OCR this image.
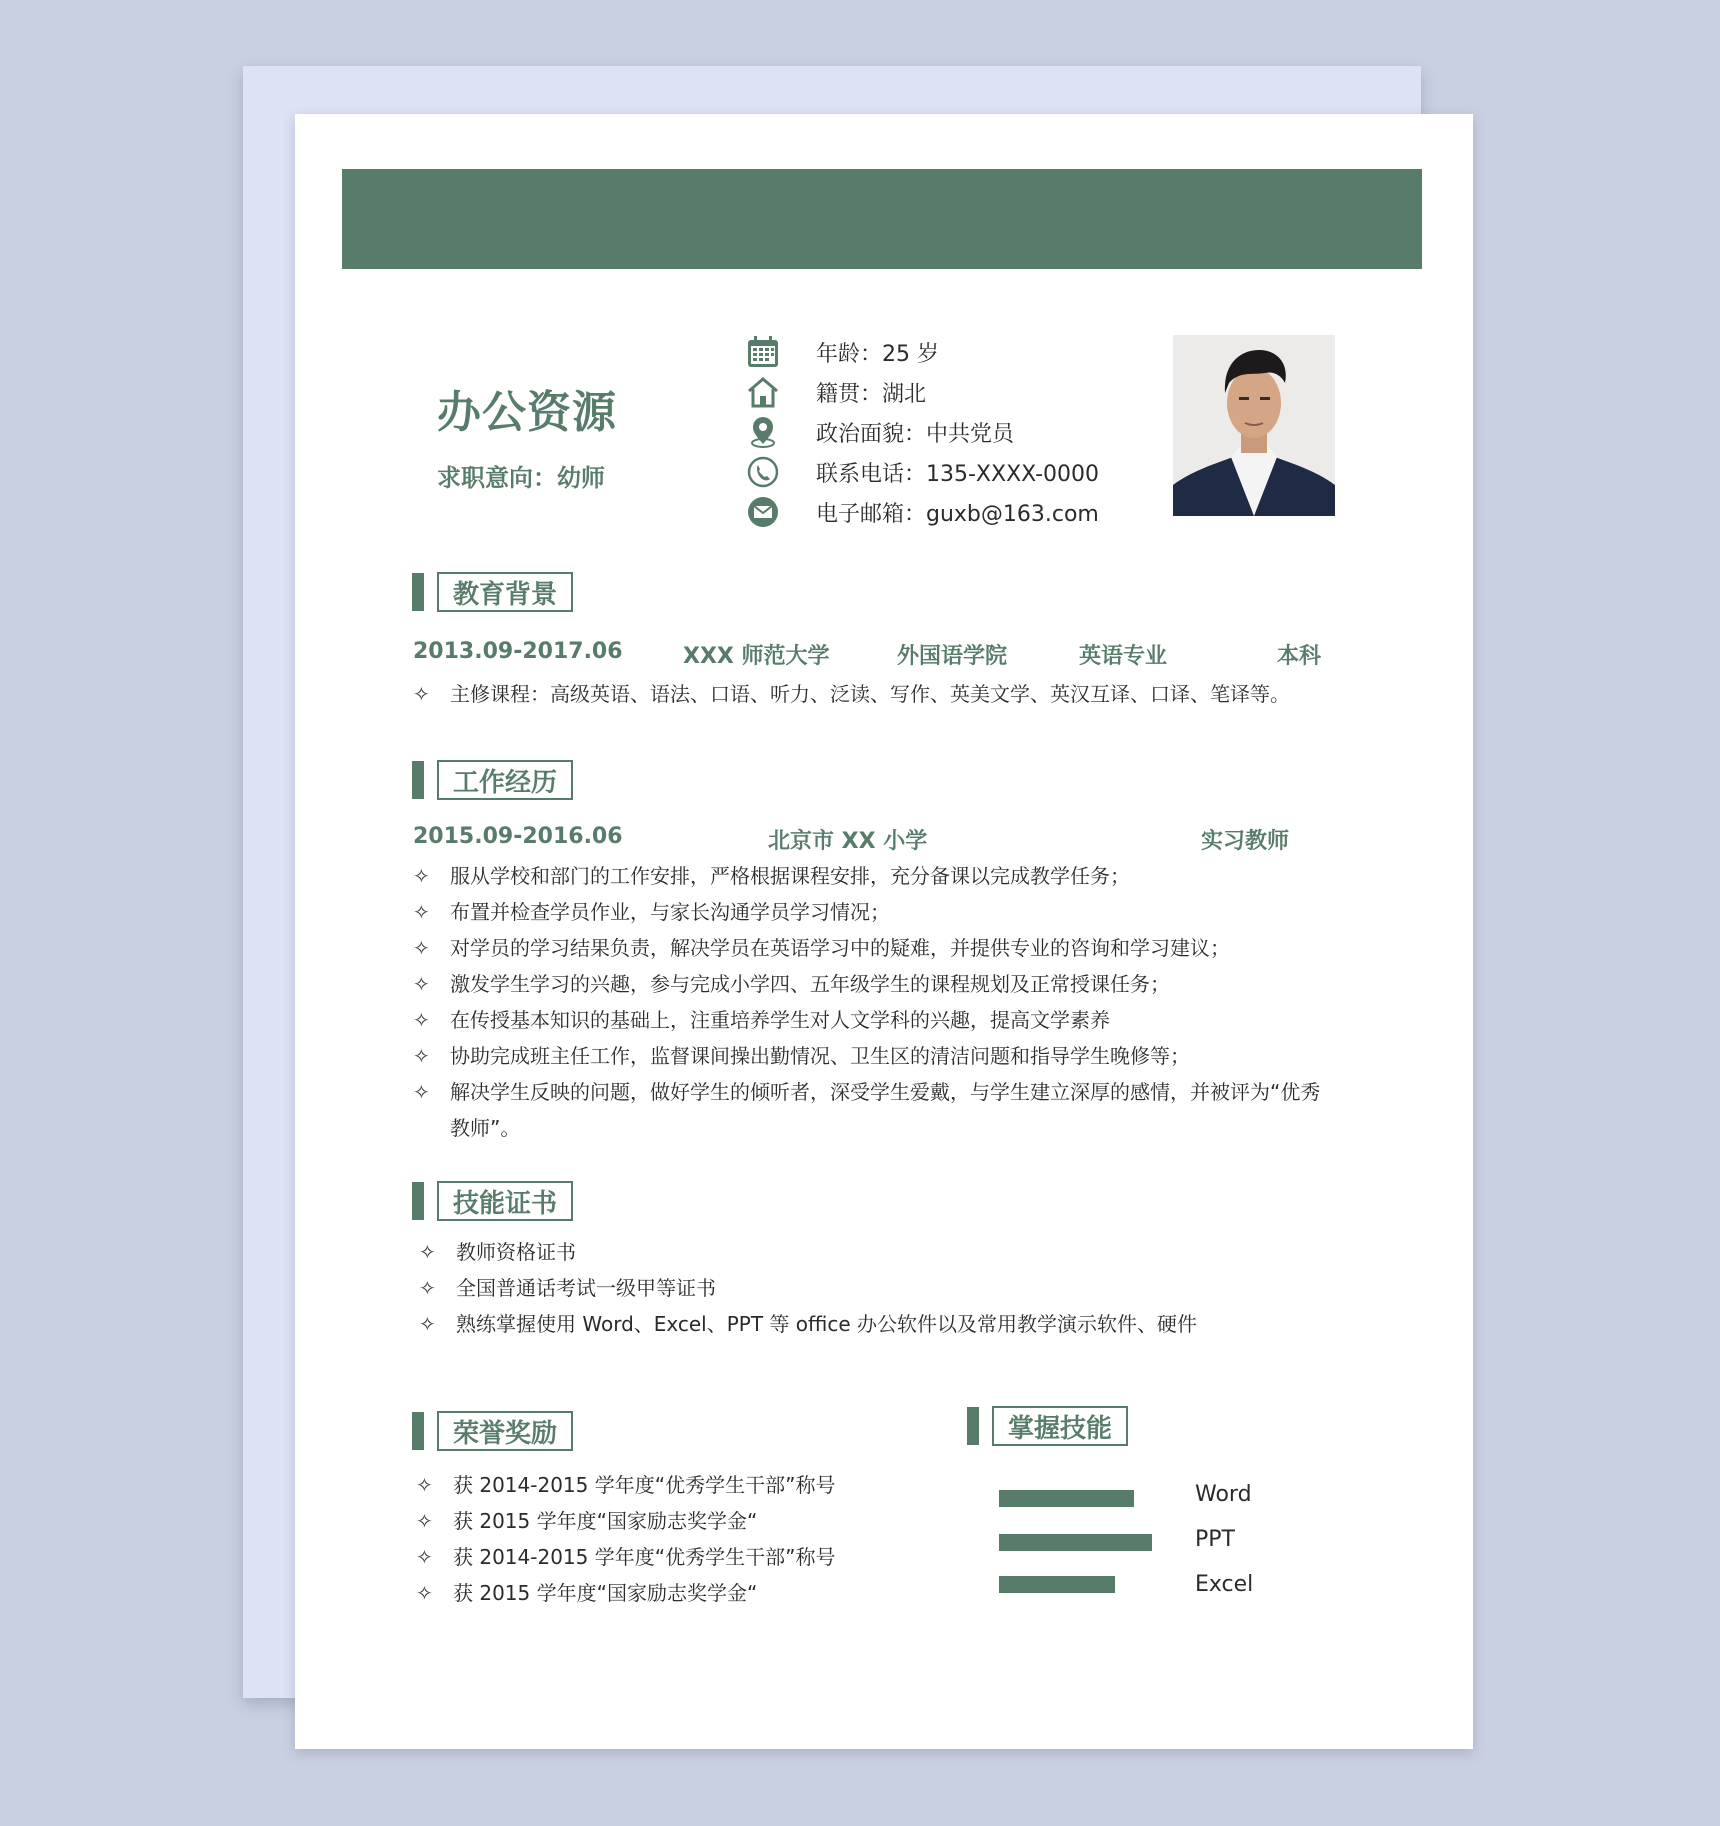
办公资源
求职意向：幼师
年龄：25 岁
籍贯：湖北
政治面貌：中共党员
联系电话：135-XXXX-0000
电子邮箱：guxb@163.com
教育背景
2013.09-2017.06	XXX 师范大学	外国语学院	英语专业	本科
✧ 主修课程：高级英语、语法、口语、听力、泛读、写作、英美文学、英汉互译、口译、笔译等。
工作经历
2015.09-2016.06	北京市 XX 小学	实习教师
✧ 服从学校和部门的工作安排，严格根据课程安排，充分备课以完成教学任务；
✧ 布置并检查学员作业，与家长沟通学员学习情况；
✧ 对学员的学习结果负责，解决学员在英语学习中的疑难，并提供专业的咨询和学习建议；
✧ 激发学生学习的兴趣，参与完成小学四、五年级学生的课程规划及正常授课任务；
✧ 在传授基本知识的基础上，注重培养学生对人文学科的兴趣，提高文学素养
✧ 协助完成班主任工作，监督课间操出勤情况、卫生区的清洁问题和指导学生晚修等；
✧ 解决学生反映的问题，做好学生的倾听者，深受学生爱戴，与学生建立深厚的感情，并被评为“优秀
教师”。
技能证书
✧ 教师资格证书
✧ 全国普通话考试一级甲等证书
✧ 熟练掌握使用 Word、Excel、PPT 等 office 办公软件以及常用教学演示软件、硬件
荣誉奖励
✧ 获 2014-2015 学年度“优秀学生干部”称号
✧ 获 2015 学年度“国家励志奖学金“
✧ 获 2014-2015 学年度“优秀学生干部”称号
✧ 获 2015 学年度“国家励志奖学金“
掌握技能
Word
PPT
Excel
